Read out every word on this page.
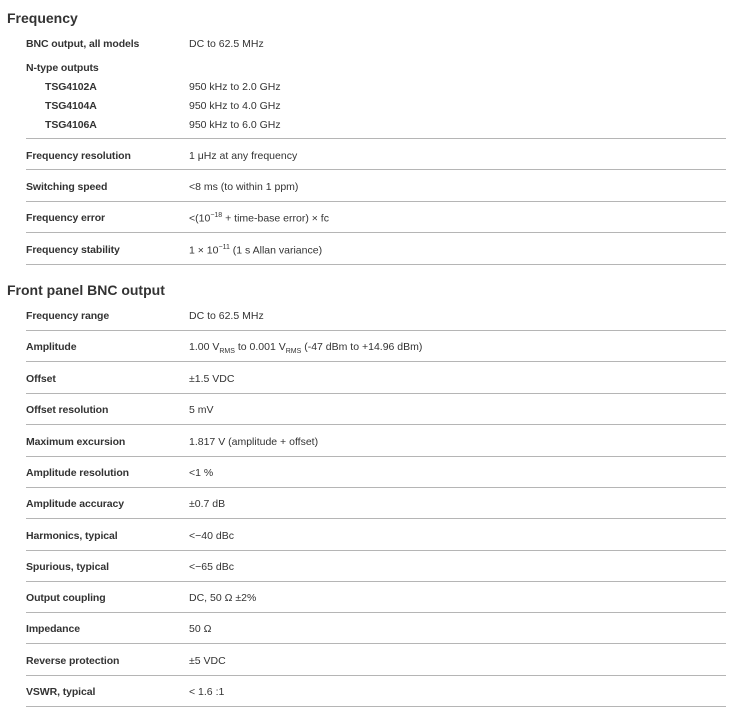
Frequency
BNC output, all models	DC to 62.5 MHz
N-type outputs
TSG4102A	950 kHz to 2.0 GHz
TSG4104A	950 kHz to 4.0 GHz
TSG4106A	950 kHz to 6.0 GHz
Frequency resolution	1 μHz at any frequency
Switching speed	<8 ms (to within 1 ppm)
Frequency error	$<(10^{-18}$ + time-base error) × fc
Frequency stability	$1 \times 10^{-11}$ (1 s Allan variance)
Front panel BNC output
Frequency range	DC to 62.5 MHz
Amplitude	1.00 $V_{RMS}$ to 0.001 $V_{RMS}$ (-47 dBm to +14.96 dBm)
Offset	±1.5 VDC
Offset resolution	5 mV
Maximum excursion	1.817 V (amplitude + offset)
Amplitude resolution	<1 %
Amplitude accuracy	±0.7 dB
Harmonics, typical	<−40 dBc
Spurious, typical	<−65 dBc
Output coupling	DC, 50 Ω ±2%
Impedance	50 Ω
Reverse protection	±5 VDC
VSWR, typical	< 1.6 :1
